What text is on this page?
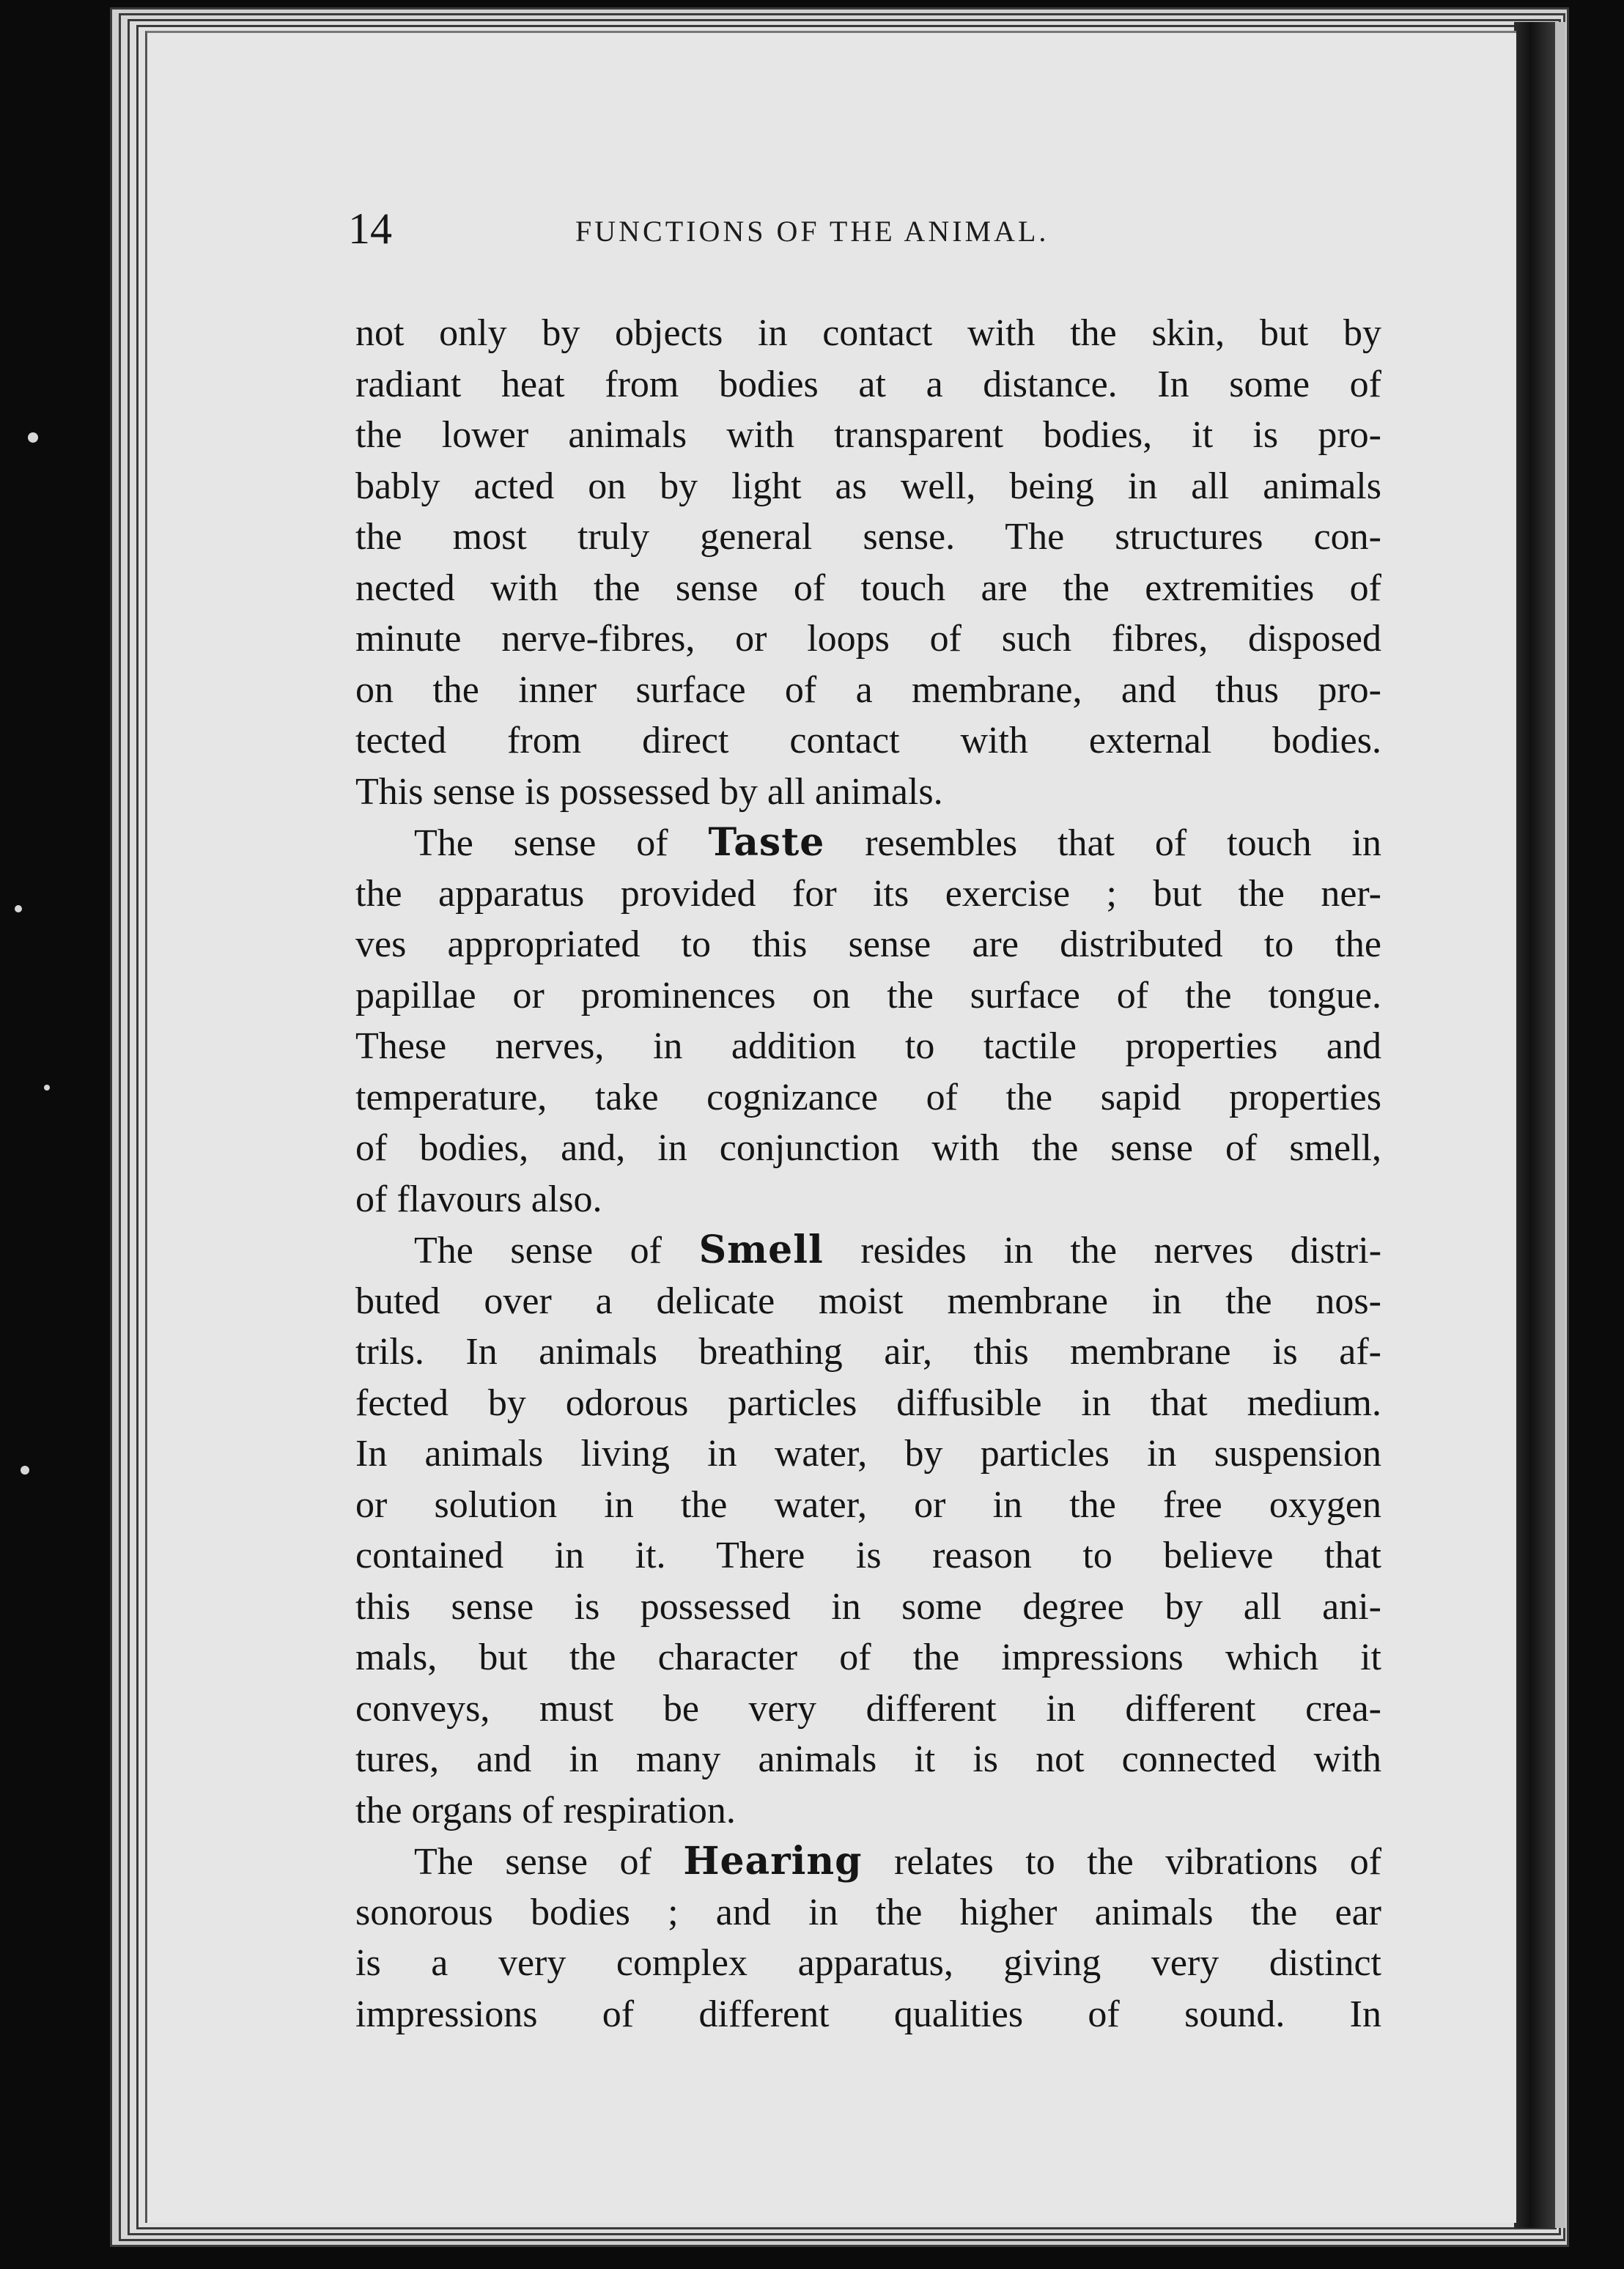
14	FUNCTIONS OF THE ANIMAL.
not only by objects in contact with the skin, but by
radiant heat from bodies at a distance. In some of
the lower animals with transparent bodies, it is pro-
bably acted on by light as well, being in all animals
the most truly general sense. The structures con-
nected with the sense of touch are the extremities of
minute nerve-fibres, or loops of such fibres, disposed
on the inner surface of a membrane, and thus pro-
tected from direct contact with external bodies.
This sense is possessed by all animals.
The sense of Taste resembles that of touch in
the apparatus provided for its exercise ; but the ner-
ves appropriated to this sense are distributed to the
papillae or prominences on the surface of the tongue.
These nerves, in addition to tactile properties and
temperature, take cognizance of the sapid properties
of bodies, and, in conjunction with the sense of smell,
of flavours also.
The sense of Smell resides in the nerves distri-
buted over a delicate moist membrane in the nos-
trils. In animals breathing air, this membrane is af-
fected by odorous particles diffusible in that medium.
In animals living in water, by particles in suspension
or solution in the water, or in the free oxygen
contained in it. There is reason to believe that
this sense is possessed in some degree by all ani-
mals, but the character of the impressions which it
conveys, must be very different in different crea-
tures, and in many animals it is not connected with
the organs of respiration.
The sense of Hearing relates to the vibrations of
sonorous bodies ; and in the higher animals the ear
is a very complex apparatus, giving very distinct
impressions of different qualities of sound. In
